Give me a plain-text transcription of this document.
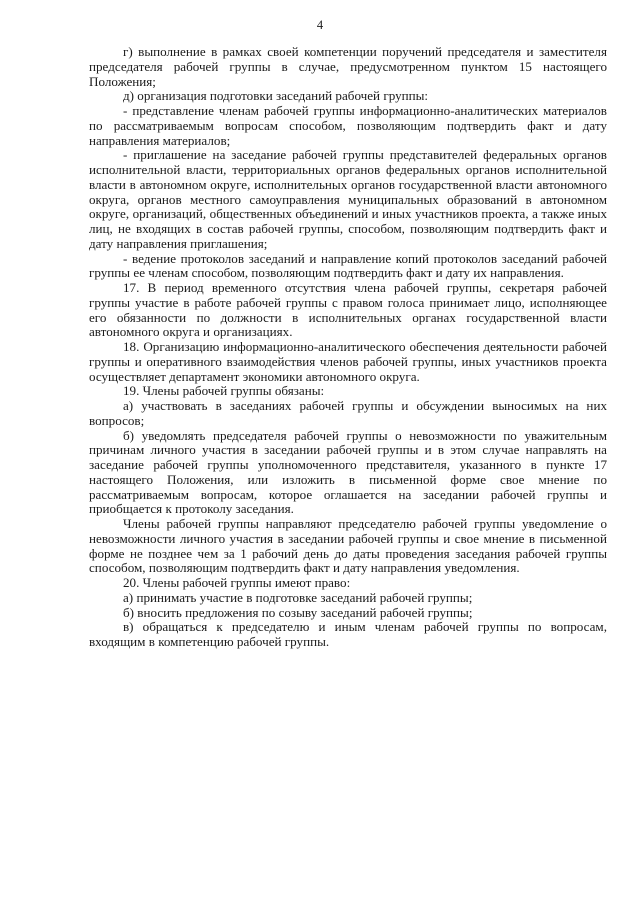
4

г) выполнение в рамках своей компетенции поручений председателя и заместителя председателя рабочей группы в случае, предусмотренном пунктом 15 настоящего Положения;

д) организация подготовки заседаний рабочей группы:

- представление членам рабочей группы информационно-аналитических материалов по рассматриваемым вопросам способом, позволяющим подтвердить факт и дату направления материалов;

- приглашение на заседание рабочей группы представителей федеральных органов исполнительной власти, территориальных органов федеральных органов исполнительной власти в автономном округе, исполнительных органов государственной власти автономного округа, органов местного самоуправления муниципальных образований в автономном округе, организаций, общественных объединений и иных участников проекта, а также иных лиц, не входящих в состав рабочей группы, способом, позволяющим подтвердить факт и дату направления приглашения;

- ведение протоколов заседаний и направление копий протоколов заседаний рабочей группы ее членам способом, позволяющим подтвердить факт и дату их направления.

17. В период временного отсутствия члена рабочей группы, секретаря рабочей группы участие в работе рабочей группы с правом голоса принимает лицо, исполняющее его обязанности по должности в исполнительных органах государственной власти автономного округа и организациях.

18. Организацию информационно-аналитического обеспечения деятельности рабочей группы и оперативного взаимодействия членов рабочей группы, иных участников проекта осуществляет департамент экономики автономного округа.

19. Члены рабочей группы обязаны:

а) участвовать в заседаниях рабочей группы и обсуждении выносимых на них вопросов;

б) уведомлять председателя рабочей группы о невозможности по уважительным причинам личного участия в заседании рабочей группы и в этом случае направлять на заседание рабочей группы уполномоченного представителя, указанного в пункте 17 настоящего Положения, или изложить в письменной форме свое мнение по рассматриваемым вопросам, которое оглашается на заседании рабочей группы и приобщается к протоколу заседания.

Члены рабочей группы направляют председателю рабочей группы уведомление о невозможности личного участия в заседании рабочей группы и свое мнение в письменной форме не позднее чем за 1 рабочий день до даты проведения заседания рабочей группы способом, позволяющим подтвердить факт и дату направления уведомления.

20. Члены рабочей группы имеют право:

а) принимать участие в подготовке заседаний рабочей группы;

б) вносить предложения по созыву заседаний рабочей группы;

в) обращаться к председателю и иным членам рабочей группы по вопросам, входящим в компетенцию рабочей группы.
